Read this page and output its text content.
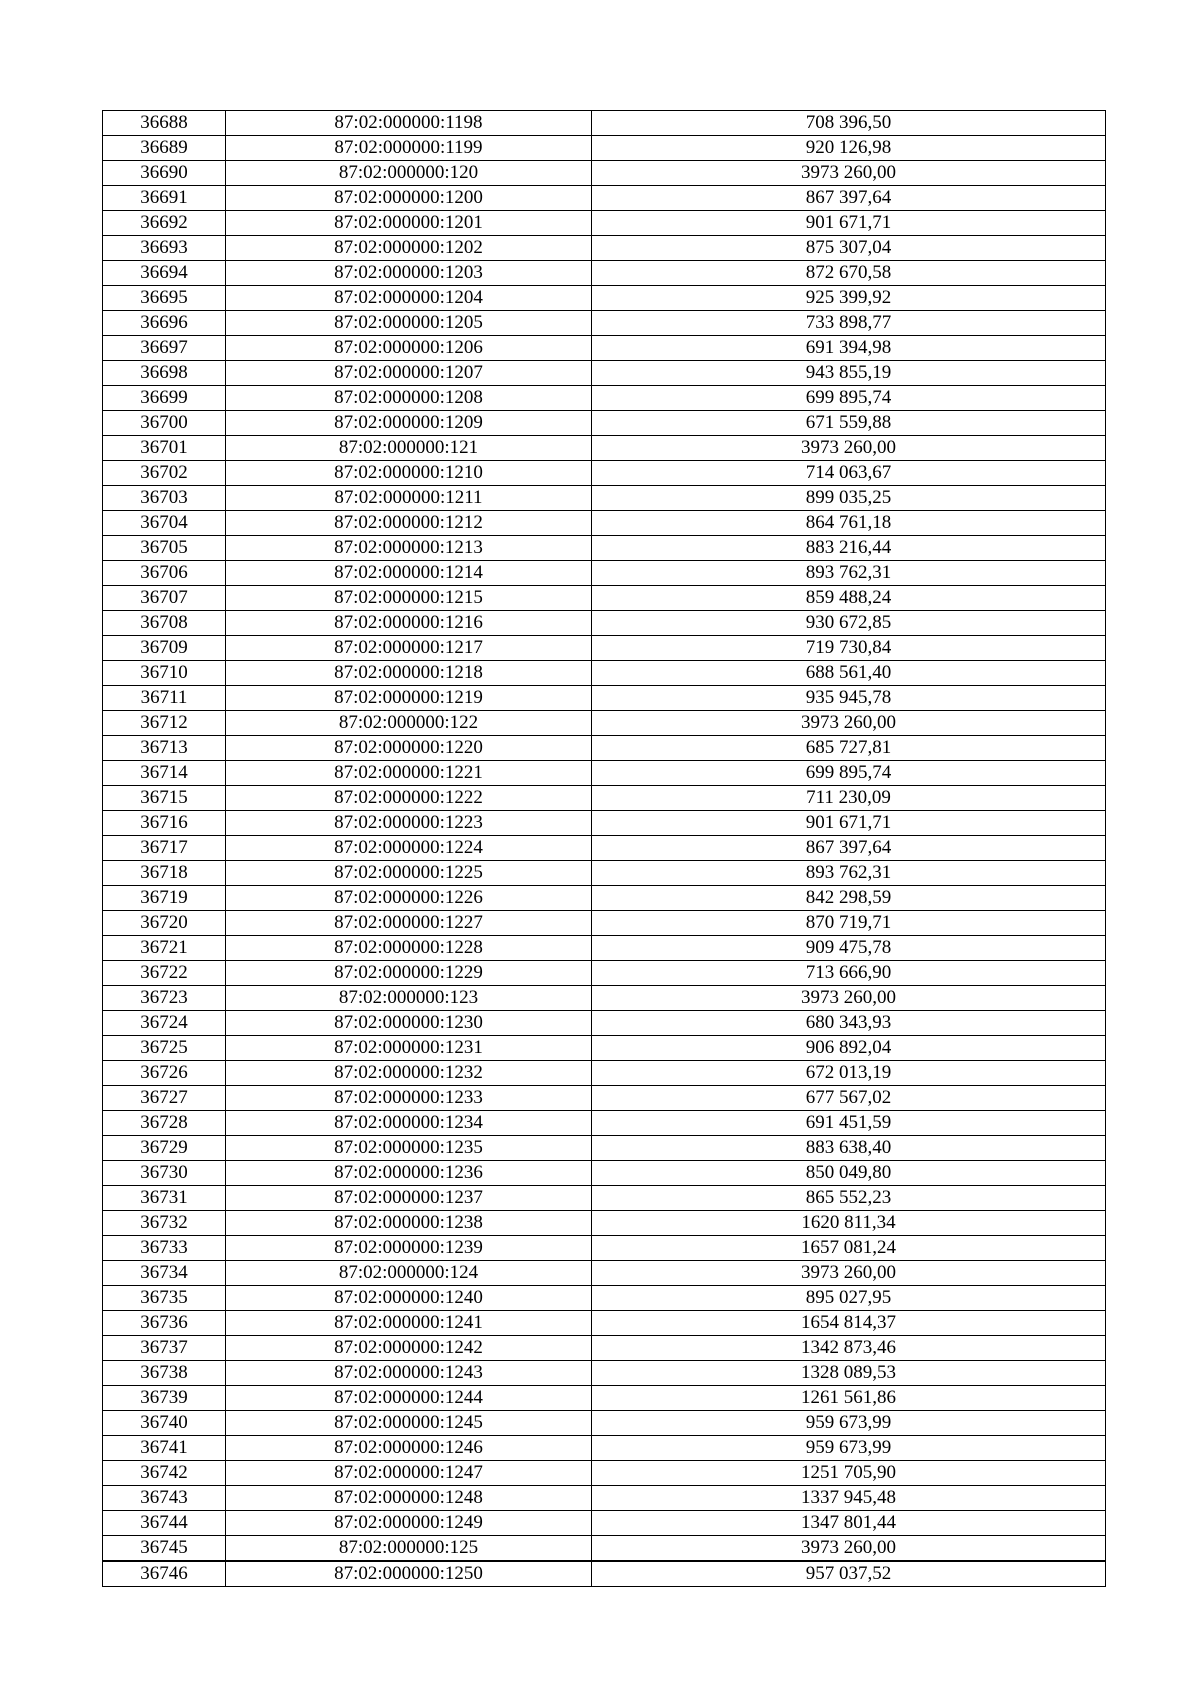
36688	87:02:000000:1198	708 396,50
36689	87:02:000000:1199	920 126,98
36690	87:02:000000:120	3973 260,00
36691	87:02:000000:1200	867 397,64
36692	87:02:000000:1201	901 671,71
36693	87:02:000000:1202	875 307,04
36694	87:02:000000:1203	872 670,58
36695	87:02:000000:1204	925 399,92
36696	87:02:000000:1205	733 898,77
36697	87:02:000000:1206	691 394,98
36698	87:02:000000:1207	943 855,19
36699	87:02:000000:1208	699 895,74
36700	87:02:000000:1209	671 559,88
36701	87:02:000000:121	3973 260,00
36702	87:02:000000:1210	714 063,67
36703	87:02:000000:1211	899 035,25
36704	87:02:000000:1212	864 761,18
36705	87:02:000000:1213	883 216,44
36706	87:02:000000:1214	893 762,31
36707	87:02:000000:1215	859 488,24
36708	87:02:000000:1216	930 672,85
36709	87:02:000000:1217	719 730,84
36710	87:02:000000:1218	688 561,40
36711	87:02:000000:1219	935 945,78
36712	87:02:000000:122	3973 260,00
36713	87:02:000000:1220	685 727,81
36714	87:02:000000:1221	699 895,74
36715	87:02:000000:1222	711 230,09
36716	87:02:000000:1223	901 671,71
36717	87:02:000000:1224	867 397,64
36718	87:02:000000:1225	893 762,31
36719	87:02:000000:1226	842 298,59
36720	87:02:000000:1227	870 719,71
36721	87:02:000000:1228	909 475,78
36722	87:02:000000:1229	713 666,90
36723	87:02:000000:123	3973 260,00
36724	87:02:000000:1230	680 343,93
36725	87:02:000000:1231	906 892,04
36726	87:02:000000:1232	672 013,19
36727	87:02:000000:1233	677 567,02
36728	87:02:000000:1234	691 451,59
36729	87:02:000000:1235	883 638,40
36730	87:02:000000:1236	850 049,80
36731	87:02:000000:1237	865 552,23
36732	87:02:000000:1238	1620 811,34
36733	87:02:000000:1239	1657 081,24
36734	87:02:000000:124	3973 260,00
36735	87:02:000000:1240	895 027,95
36736	87:02:000000:1241	1654 814,37
36737	87:02:000000:1242	1342 873,46
36738	87:02:000000:1243	1328 089,53
36739	87:02:000000:1244	1261 561,86
36740	87:02:000000:1245	959 673,99
36741	87:02:000000:1246	959 673,99
36742	87:02:000000:1247	1251 705,90
36743	87:02:000000:1248	1337 945,48
36744	87:02:000000:1249	1347 801,44
36745	87:02:000000:125	3973 260,00
36746	87:02:000000:1250	957 037,52
